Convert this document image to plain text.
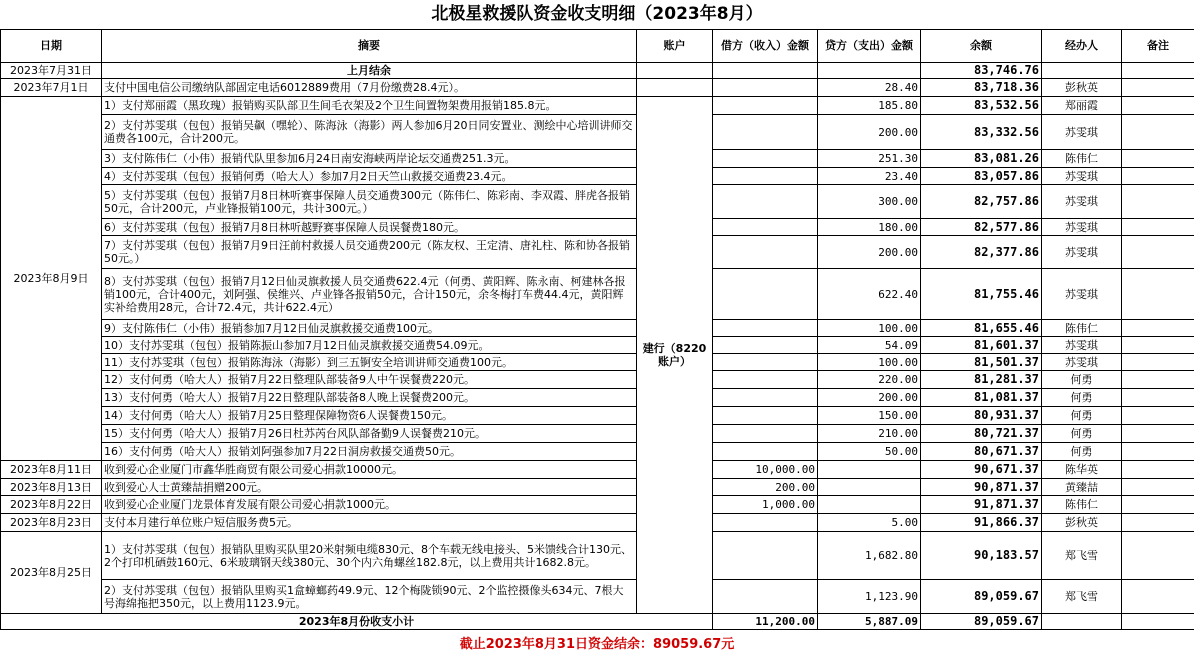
北极星救援队资金收支明细（2023年8月）
日期	摘要	账户	借方（收入）金额	贷方（支出）金额	余额	经办人	备注
2023年7月31日	上月结余				83,746.76		
2023年7月1日	支付中国电信公司缴纳队部固定电话6012889费用（7月份缴费28.4元）。			28.40	83,718.36	彭秋英	
2023年8月9日	1）支付郑丽霞（黑玫瑰）报销购买队部卫生间毛衣架及2个卫生间置物架费用报销185.8元。	建行（8220账户）		185.80	83,532.56	郑丽霞	
	2）支付苏雯琪（包包）报销吴飙（嘿轮）、陈海泳（海影）两人参加6月20日同安置业、测绘中心培训讲师交通费各100元，合计200元。			200.00	83,332.56	苏雯琪	
	3）支付陈伟仁（小伟）报销代队里参加6月24日南安海峡两岸论坛交通费251.3元。			251.30	83,081.26	陈伟仁	
	4）支付苏雯琪（包包）报销何勇（哈大人）参加7月2日天竺山救援交通费23.4元。			23.40	83,057.86	苏雯琪	
	5）支付苏雯琪（包包）报销7月8日林听赛事保障人员交通费300元（陈伟仁、陈彩南、李双霞、胖虎各报销50元，合计200元，卢业锋报销100元，共计300元。）			300.00	82,757.86	苏雯琪	
	6）支付苏雯琪（包包）报销7月8日林听越野赛事保障人员误餐费180元。			180.00	82,577.86	苏雯琪	
	7）支付苏雯琪（包包）报销7月9日汪前村救援人员交通费200元（陈友权、王定清、唐礼柱、陈和协各报销50元。）			200.00	82,377.86	苏雯琪	
	8）支付苏雯琪（包包）报销7月12日仙灵旗救援人员交通费622.4元（何勇、黄阳辉、陈永南、柯建林各报销100元，合计400元，刘阿强、侯维兴、卢业锋各报销50元，合计150元，余冬梅打车费44.4元，黄阳辉实补给费用28元，合计72.4元，共计622.4元）			622.40	81,755.46	苏雯琪	
	9）支付陈伟仁（小伟）报销参加7月12日仙灵旗救援交通费100元。			100.00	81,655.46	陈伟仁	
	10）支付苏雯琪（包包）报销陈振山参加7月12日仙灵旗救援交通费54.09元。			54.09	81,601.37	苏雯琪	
	11）支付苏雯琪（包包）报销陈海泳（海影）到三五锕安全培训讲师交通费100元。			100.00	81,501.37	苏雯琪	
	12）支付何勇（哈大人）报销7月22日整理队部装备9人中午误餐费220元。			220.00	81,281.37	何勇	
	13）支付何勇（哈大人）报销7月22日整理队部装备8人晚上误餐费200元。			200.00	81,081.37	何勇	
	14）支付何勇（哈大人）报销7月25日整理保障物资6人误餐费150元。			150.00	80,931.37	何勇	
	15）支付何勇（哈大人）报销7月26日杜苏芮台风队部备勤9人误餐费210元。			210.00	80,721.37	何勇	
	16）支付何勇（哈大人）报销刘阿强参加7月22日洞房救援交通费50元。			50.00	80,671.37	何勇	
2023年8月11日	收到爱心企业厦门市鑫华胜商贸有限公司爱心捐款10000元。		10,000.00		90,671.37	陈华英	
2023年8月13日	收到爱心人士黄臻喆捐赠200元。		200.00		90,871.37	黄臻喆	
2023年8月22日	收到爱心企业厦门龙景体育发展有限公司爱心捐款1000元。		1,000.00		91,871.37	陈伟仁	
2023年8月23日	支付本月建行单位账户短信服务费5元。			5.00	91,866.37	彭秋英	
2023年8月25日	1）支付苏雯琪（包包）报销队里购买队里20米射频电缆830元、8个车载无线电接头、5米馈线合计130元、2个打印机硒鼓160元、6米玻璃钢天线380元、30个内六角螺丝182.8元，以上费用共计1682.8元。			1,682.80	90,183.57	郑飞雪	
	2）支付苏雯琪（包包）报销队里购买1盒蟑螂药49.9元、12个梅陇锁90元、2个监控摄像头634元、7根大号海绵拖把350元，以上费用1123.9元。			1,123.90	89,059.67	郑飞雪	
2023年8月份收支小计			11,200.00	5,887.09	89,059.67		
截止2023年8月31日资金结余：89059.67元
